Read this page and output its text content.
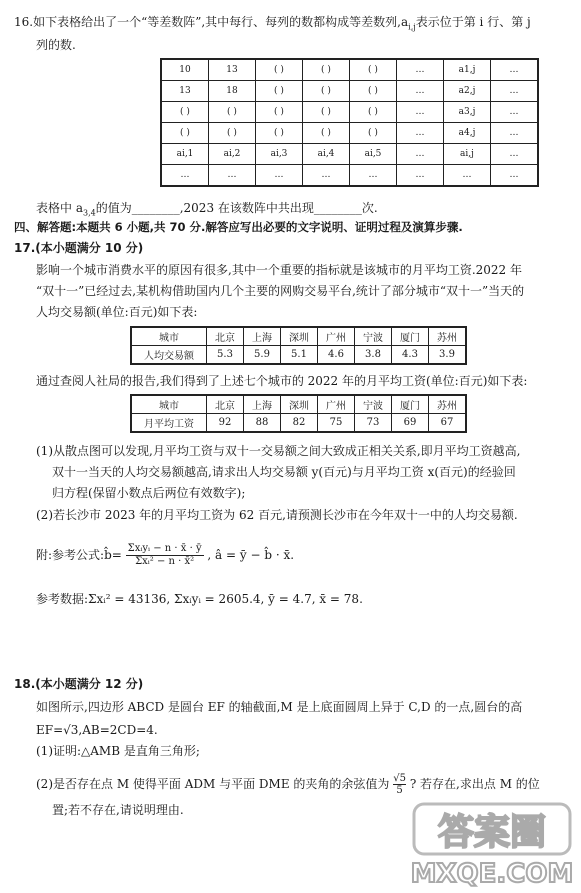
16.如下表格给出了一个“等差数阵”,其中每行、每列的数都构成等差数列$,a_{i,j}$表示位于第 i 行、第 j
列的数.
10	13	( )	( )	( )	…	a1,j	…
13	18	( )	( )	( )	…	a2,j	…
( )	( )	( )	( )	( )	…	a3,j	…
( )	( )	( )	( )	( )	…	a4,j	…
ai,1	ai,2	ai,3	ai,4	ai,5	…	ai,j	…
…	…	…	…	…	…	…	…
表格中 $a_{3,4}$的值为________,2023 在该数阵中共出现________次.
四、解答题:本题共 6 小题,共 70 分.解答应写出必要的文字说明、证明过程及演算步骤.
17.(本小题满分 10 分)
影响一个城市消费水平的原因有很多,其中一个重要的指标就是该城市的月平均工资.2022 年
“双十一”已经过去,某机构借助国内几个主要的网购交易平台,统计了部分城市“双十一”当天的
人均交易额(单位:百元)如下表:
城市	北京	上海	深圳	广州	宁波	厦门	苏州
人均交易额	5.3	5.9	5.1	4.6	3.8	4.3	3.9
通过查阅人社局的报告,我们得到了上述七个城市的 2022 年的月平均工资(单位:百元)如下表:
城市	北京	上海	深圳	广州	宁波	厦门	苏州
月平均工资	92	88	82	75	73	69	67
(1)从散点图可以发现,月平均工资与双十一交易额之间大致成正相关关系,即月平均工资越高,
双十一当天的人均交易额越高,请求出人均交易额 y(百元)与月平均工资 x(百元)的经验回
归方程(保留小数点后两位有效数字);
(2)若长沙市 2023 年的月平均工资为 62 百元,请预测长沙市在今年双十一中的人均交易额.
附:参考公式:b̂= $\frac{\text{Σxᵢyᵢ − n · x̄ · ȳ}}{\text{Σxᵢ² − n · x̄²}}$ , â = ȳ − b̂ · x̄.
参考数据:Σxᵢ² = 43136, Σxᵢyᵢ = 2605.4, ȳ = 4.7, x̄ = 78.
18.(本小题满分 12 分)
如图所示,四边形 ABCD 是圆台 EF 的轴截面,M 是上底面圆周上异于 C,D 的一点,圆台的高
EF=√3,AB=2CD=4.
(1)证明:△AMB 是直角三角形;
(2)是否存在点 M 使得平面 ADM 与平面 DME 的夹角的余弦值为 $\frac{√5}{5}$ ? 若存在,求出点 M 的位
置;若不存在,请说明理由.
答案圈
MXQE.COM
